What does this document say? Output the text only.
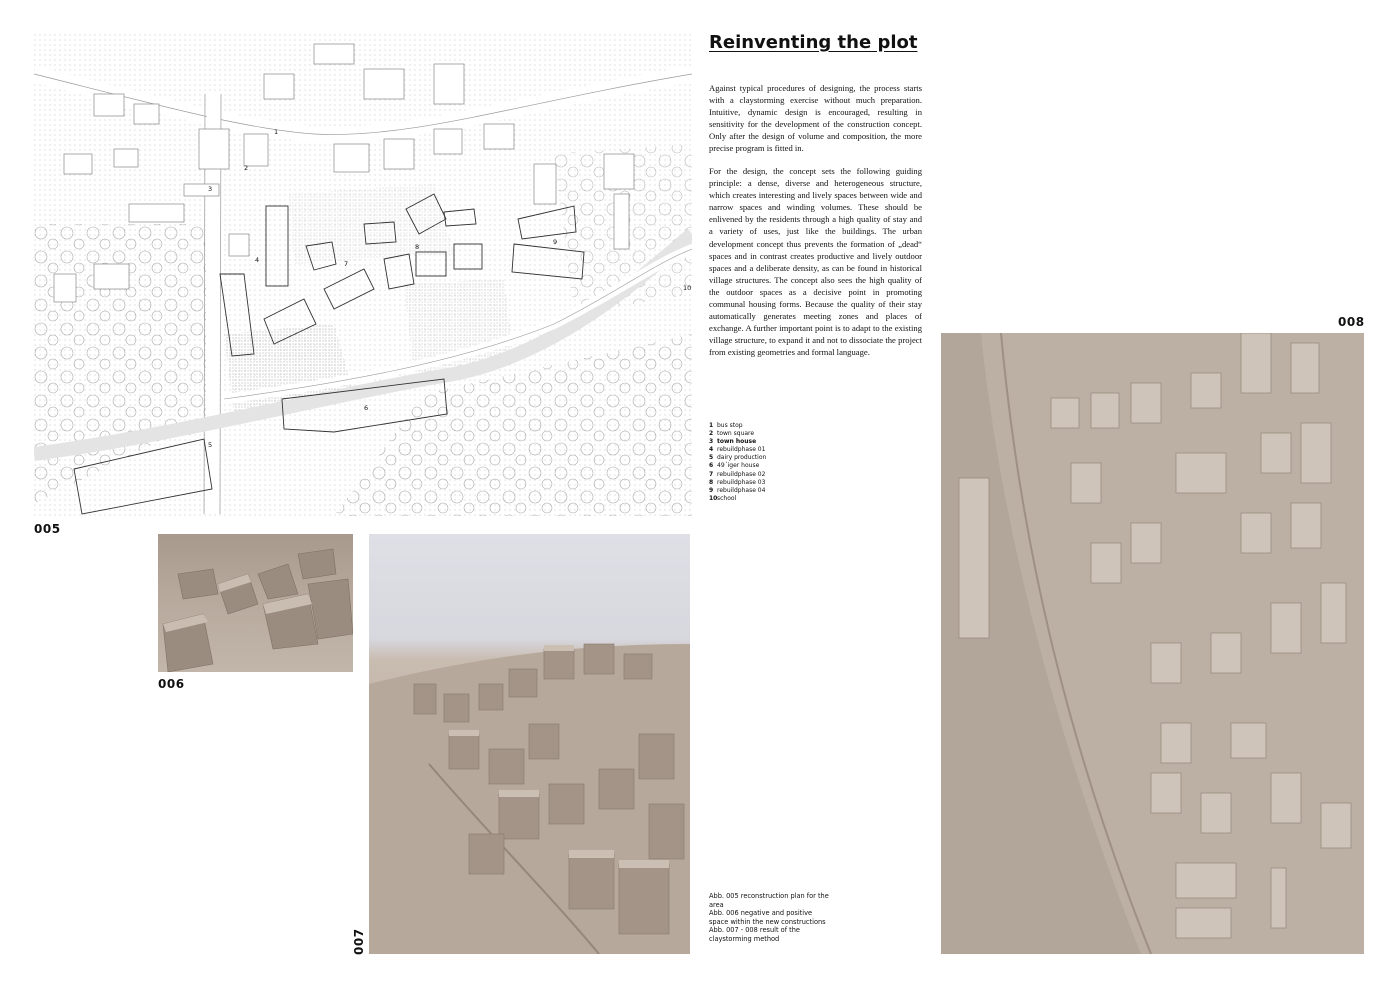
1
2
3
4
5
6
7
8
9
10
005
Reinventing the plot

Against typical procedures of designing, the process starts with a claystorming exercise without much preparation. Intuitive, dynamic design is encouraged, resulting in sensitivity for the development of the construction concept. Only after the design of volume and composition, the more precise program is fitted in.

For the design, the concept sets the following guiding principle: a dense, diverse and heterogeneous structure, which creates interesting and lively spaces between wide and narrow spaces and winding volumes. These should be enlivened by the residents through a high quality of stay and a variety of uses, just like the buildings. The urban development concept thus prevents the formation of „dead“ spaces and in contrast creates productive and lively outdoor spaces and a deliberate density, as can be found in historical village structures. The concept also sees the high quality of the outdoor spaces as a decisive point in promoting communal housing forms. Because the quality of their stay automatically generates meeting zones and places of exchange. A further important point is to adapt to the existing village structure, to expand it and not to dissociate the project from existing geometries and formal language.

1 bus stop
2 town square
3 town house
4 rebuildphase 01
5 dairy production
6 49´iger house
7 rebuildphase 02
8 rebuildphase 03
9 rebuildphase 04
10school
Abb. 005 reconstruction plan for the area
Abb. 006 negative and positive space within the new constructions
Abb. 007 - 008 result of the claystorming method
006
007
008
